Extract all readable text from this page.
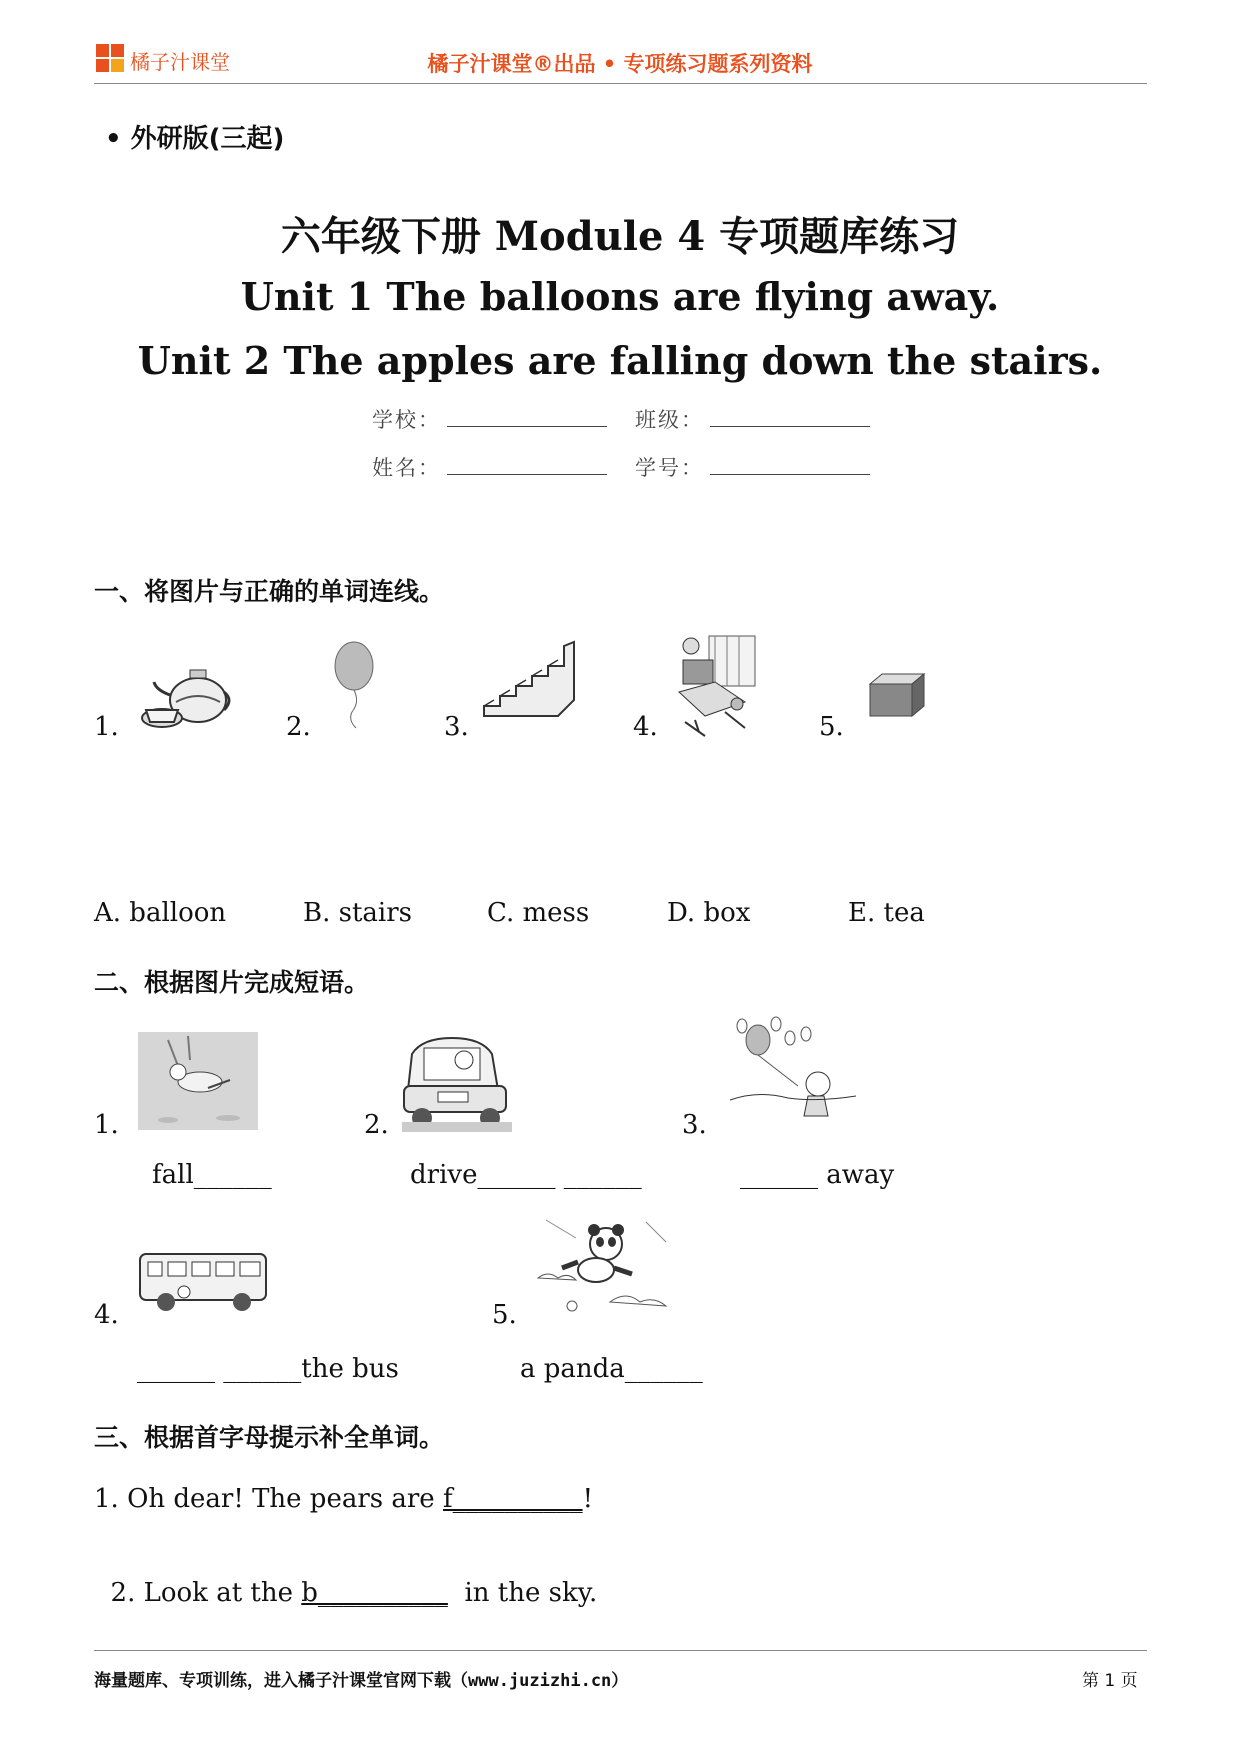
橘子汁课堂	橘子汁课堂®出品 • 专项练习题系列资料
• 外研版(三起)
六年级下册 Module 4 专项题库练习
Unit 1 The balloons are flying away.
Unit 2 The apples are falling down the stairs.
学校：	班级：
姓名：	学号：
一、将图片与正确的单词连线。
1.	2.	3.	4.	5.
A. balloon	B. stairs	C. mess	D. box	E. tea
二、根据图片完成短语。
1.	2.	3.
fall______	drive______ ______	______ away
4.	5.
______ ______the bus	a panda______
三、根据首字母提示补全单词。
1. Oh dear! The pears are f__________!

2. Look at the b__________  in the sky.

海量题库、专项训练，进入橘子汁课堂官网下载（www.juzizhi.cn）	第 1 页
